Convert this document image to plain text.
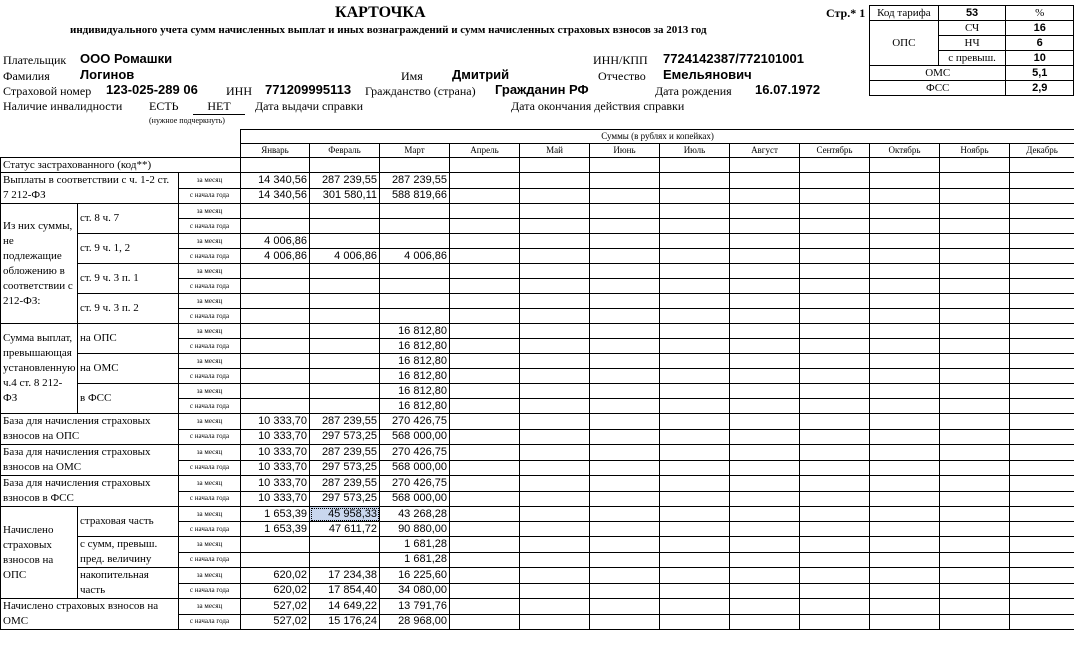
КАРТОЧКА
индивидуального учета сумм начисленных выплат и иных вознаграждений и сумм начисленных страховых взносов за 2013 год
Стр.* 1
Плательщик ООО Ромашки	ИНН/КПП 7724142387/772101001
Фамилия Логинов	Имя Дмитрий	Отчество Емельянович
Страховой номер 123-025-289 06 ИНН 771209995113 Гражданство (страна) Гражданин РФ	Дата рождения 16.07.1972
Наличие инвалидности ЕСТЬ	НЕТ	Дата выдачи справки	Дата окончания действия справки
(нужное подчеркнуть)
Код тарифа	53	%
ОПС	СЧ	16
	НЧ	6
	с превыш.	10
ОМС		5,1
ФСС		2,9
			Суммы (в рублях и копейках)											
			Январь	Февраль	Март	Апрель	Май	Июнь	Июль	Август	Сентябрь	Октябрь	Ноябрь	Декабрь
Статус застрахованного (код**)														
Выплаты в соответствии с ч. 1-2 ст. 7 212-ФЗ		за месяц	14 340,56	287 239,55	287 239,55									
		с начала года	14 340,56	301 580,11	588 819,66									
Из них суммы, не подлежащие обложению в соответствии с 212-ФЗ:	ст. 8 ч. 7	за месяц												
		с начала года												
	ст. 9 ч. 1, 2	за месяц	4 006,86											
		с начала года	4 006,86	4 006,86	4 006,86									
	ст. 9 ч. 3 п. 1	за месяц												
		с начала года												
	ст. 9 ч. 3 п. 2	за месяц												
		с начала года												
Сумма выплат, превышающая установленную ч.4 ст. 8 212-ФЗ	на ОПС	за месяц			16 812,80									
		с начала года			16 812,80									
	на ОМС	за месяц			16 812,80									
		с начала года			16 812,80									
	в ФСС	за месяц			16 812,80									
		с начала года			16 812,80									
База для начисления страховых взносов на ОПС		за месяц	10 333,70	287 239,55	270 426,75									
		с начала года	10 333,70	297 573,25	568 000,00									
База для начисления страховых взносов на ОМС		за месяц	10 333,70	287 239,55	270 426,75									
		с начала года	10 333,70	297 573,25	568 000,00									
База для начисления страховых взносов в ФСС		за месяц	10 333,70	287 239,55	270 426,75									
		с начала года	10 333,70	297 573,25	568 000,00									
Начислено страховых взносов на ОПС	страховая часть	за месяц	1 653,39	45 958,33	43 268,28									
		с начала года	1 653,39	47 611,72	90 880,00									
	с сумм, превыш. пред. величину	за месяц			1 681,28									
		с начала года			1 681,28									
	накопительная часть	за месяц	620,02	17 234,38	16 225,60									
		с начала года	620,02	17 854,40	34 080,00									
Начислено страховых взносов на ОМС		за месяц	527,02	14 649,22	13 791,76									
		с начала года	527,02	15 176,24	28 968,00									
